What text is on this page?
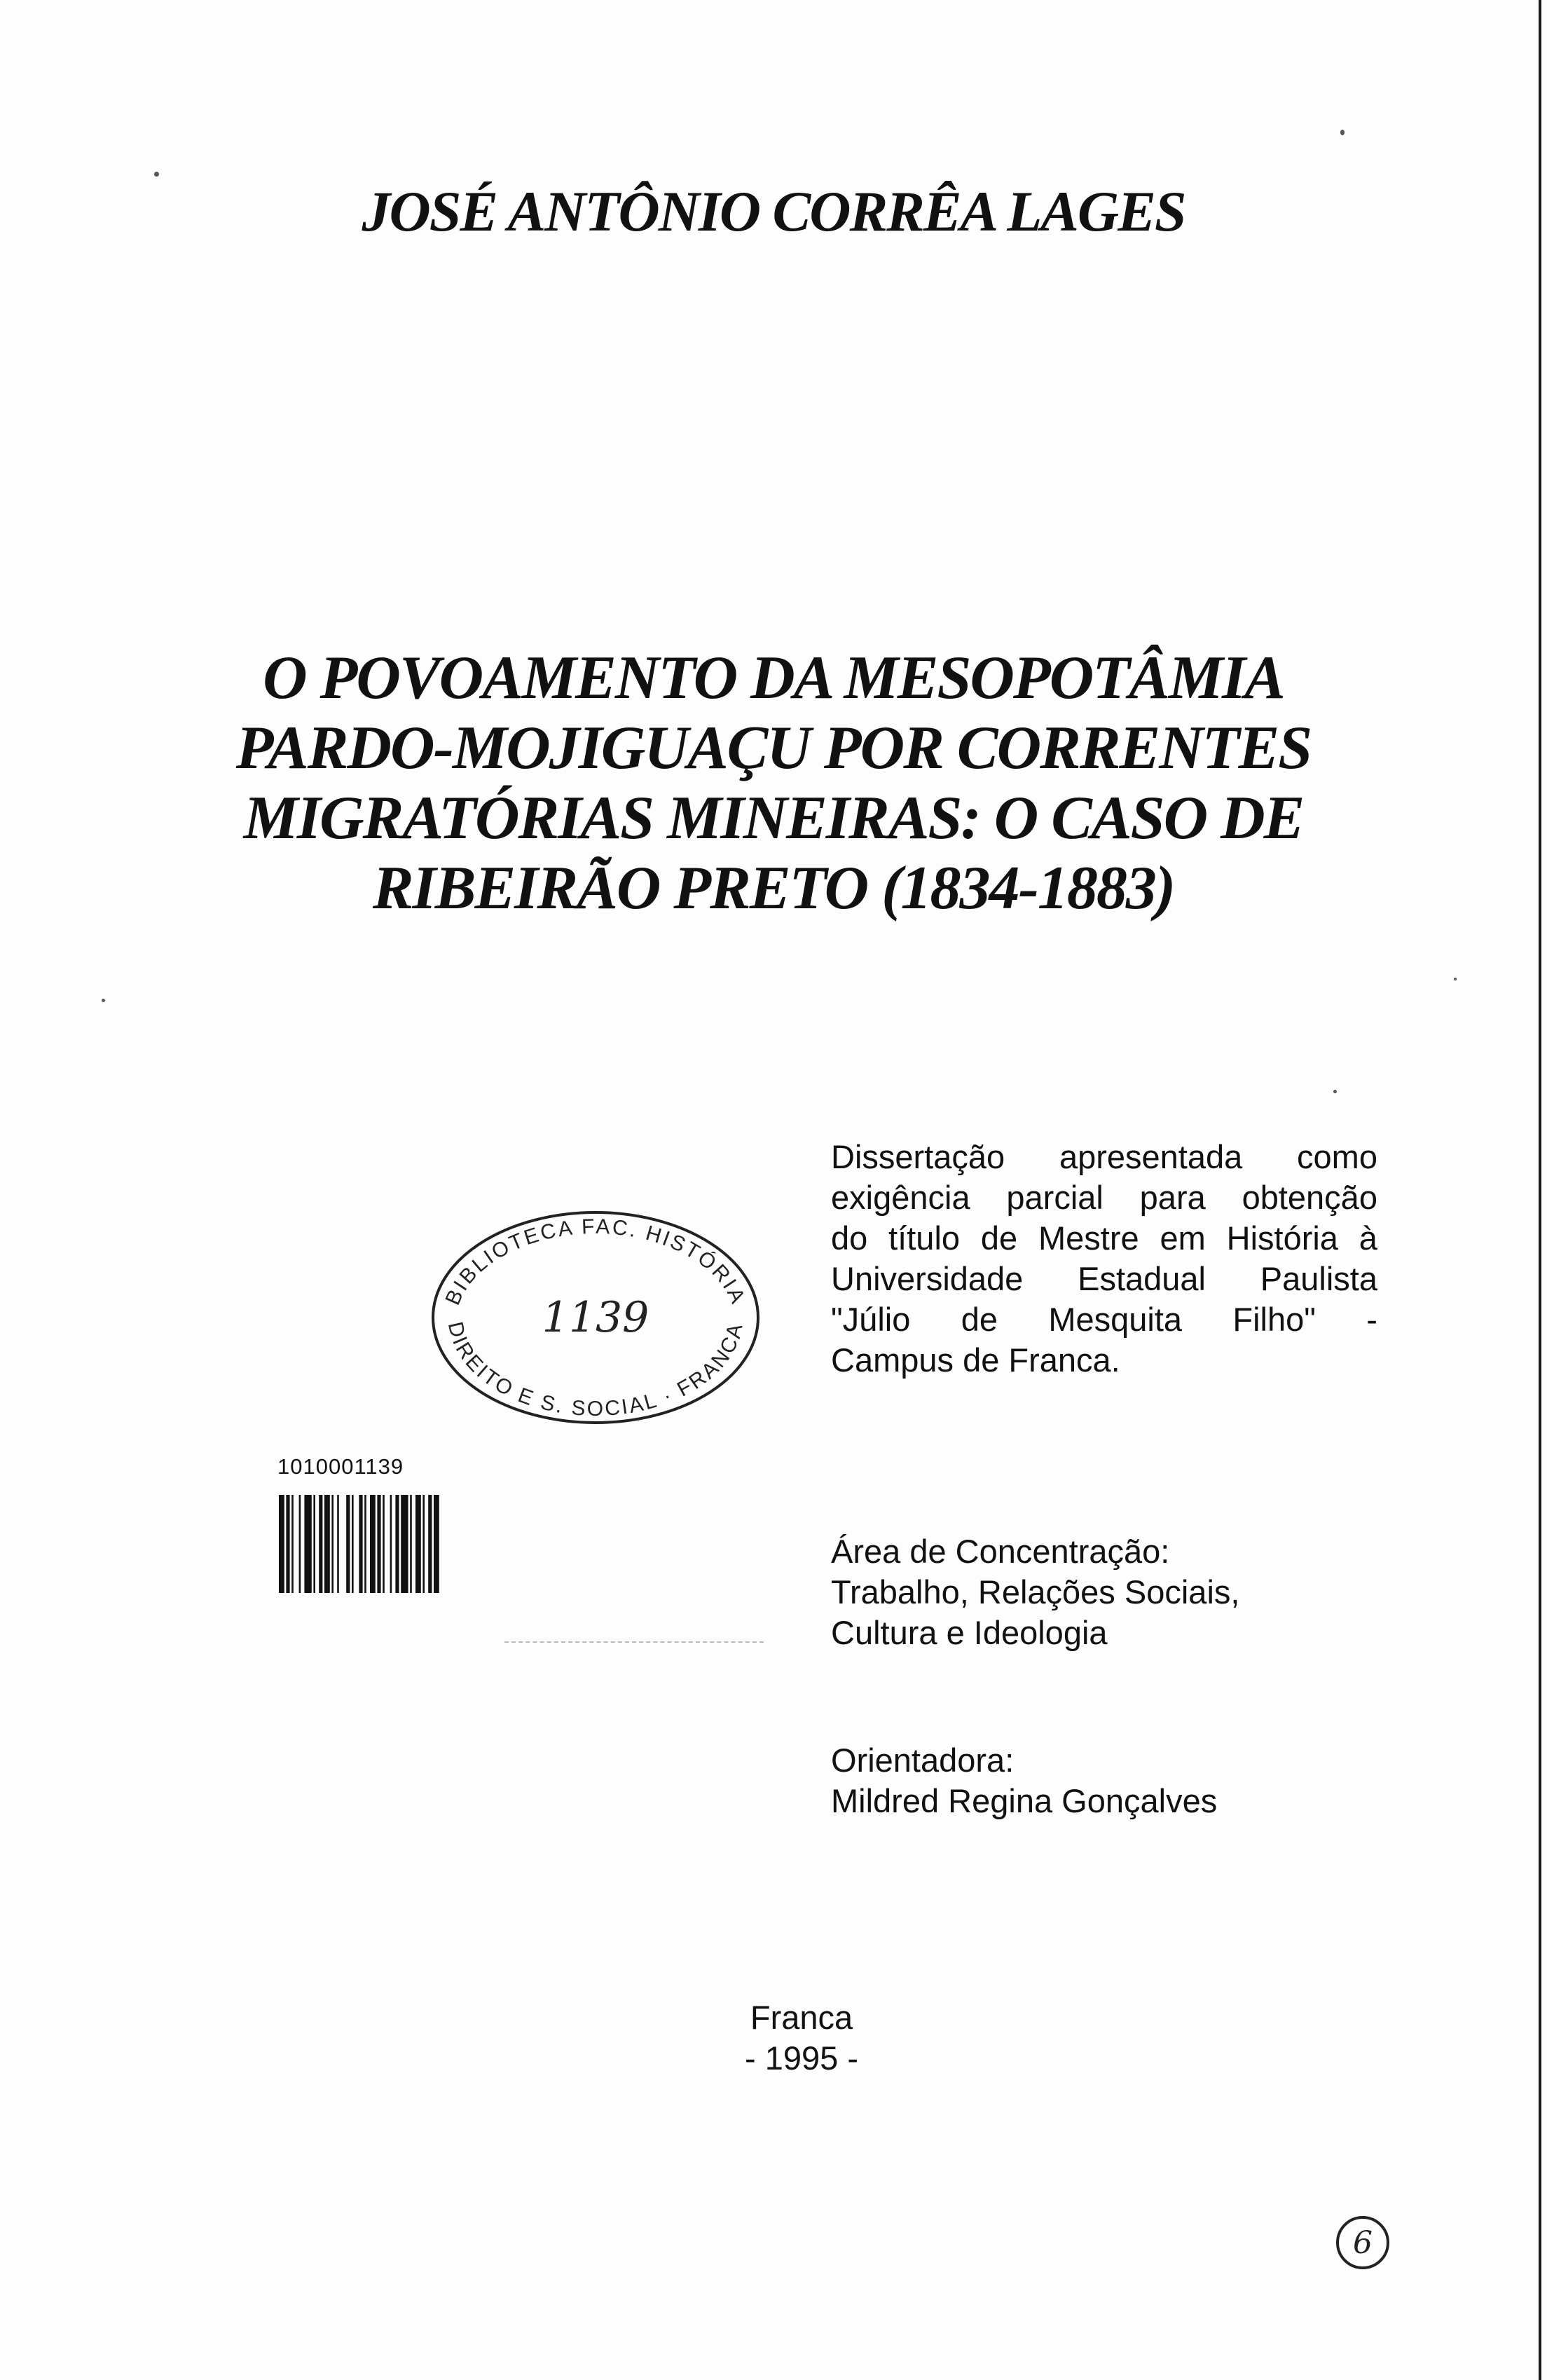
JOSÉ ANTÔNIO CORRÊA LAGES
O POVOAMENTO DA MESOPOTÂMIA
PARDO-MOJIGUAÇU POR CORRENTES
MIGRATÓRIAS MINEIRAS: O CASO DE
RIBEIRÃO PRETO (1834-1883)
Dissertação apresentada como
exigência parcial para obtenção
do título de Mestre em História à
Universidade Estadual Paulista
"Júlio de Mesquita Filho" -
Campus de Franca.
BIBLIOTECA FAC. HISTÓRIA
DIREITO E S. SOCIAL · FRANCA
1139
1010001139
Área de Concentração:
Trabalho, Relações Sociais,
Cultura e Ideologia
Orientadora:
Mildred Regina Gonçalves
Franca
- 1995 -
6
